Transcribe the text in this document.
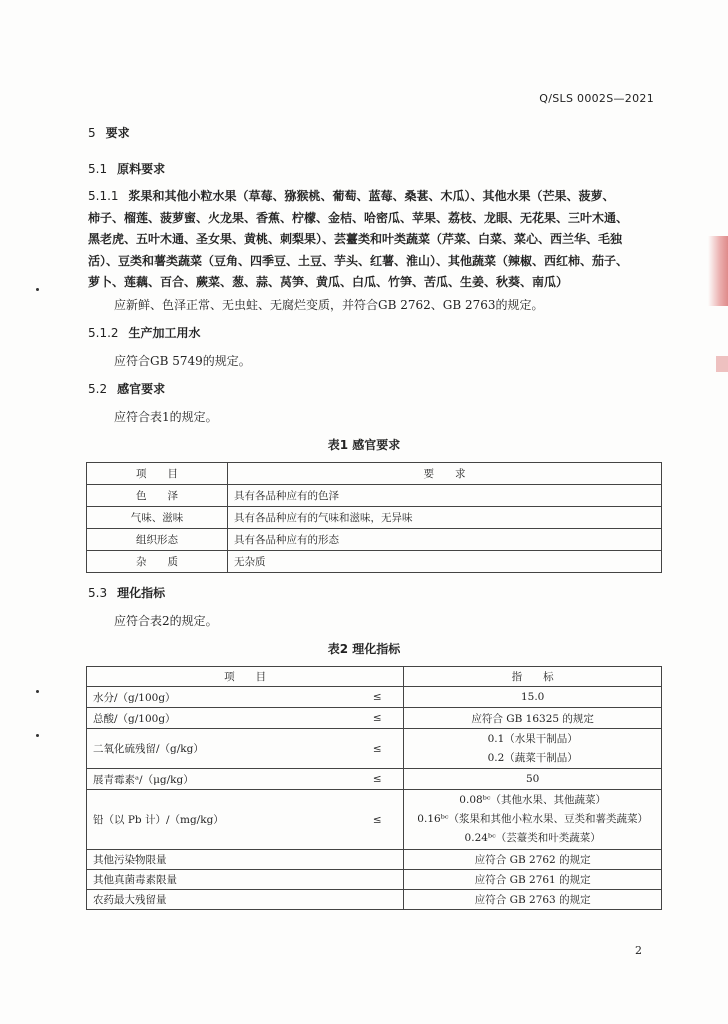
Q/SLS 0002S—2021
5 要求
5.1 原料要求
5.1.1 浆果和其他小粒水果（草莓、猕猴桃、葡萄、蓝莓、桑葚、木瓜）、其他水果（芒果、菠萝、
柿子、榴莲、菠萝蜜、火龙果、香蕉、柠檬、金桔、哈密瓜、苹果、荔枝、龙眼、无花果、三叶木通、
黑老虎、五叶木通、圣女果、黄桃、刺梨果）、芸薹类和叶类蔬菜（芹菜、白菜、菜心、西兰华、毛独
活）、豆类和薯类蔬菜（豆角、四季豆、土豆、芋头、红薯、淮山）、其他蔬菜（辣椒、西红柿、茄子、
萝卜、莲藕、百合、蕨菜、葱、蒜、莴笋、黄瓜、白瓜、竹笋、苦瓜、生姜、秋葵、南瓜）
应新鲜、色泽正常、无虫蛀、无腐烂变质，并符合GB 2762、GB 2763的规定。
5.1.2 生产加工用水
应符合GB 5749的规定。
5.2 感官要求
应符合表1的规定。
表1 感官要求
项　　目	要　　求
色　　泽	具有各品种应有的色泽
气味、滋味	具有各品种应有的气味和滋味，无异味
组织形态	具有各品种应有的形态
杂　　质	无杂质
5.3 理化指标
应符合表2的规定。
表2 理化指标
项　　目		指　　标
水分/（g/100g）	≤	15.0
总酸/（g/100g）	≤	应符合 GB 16325 的规定
二氧化硫残留/（g/kg）	≤	0.1（水果干制品）
0.2（蔬菜干制品）

展青霉素ᵃ/（μg/kg）	≤	50
铅（以 Pb 计）/（mg/kg）	≤	0.08ᵇᶜ（其他水果、其他蔬菜）
0.16ᵇᶜ（浆果和其他小粒水果、豆类和薯类蔬菜）
0.24ᵇᶜ（芸薹类和叶类蔬菜）

其他污染物限量		应符合 GB 2762 的规定
其他真菌毒素限量		应符合 GB 2761 的规定
农药最大残留量		应符合 GB 2763 的规定
2
